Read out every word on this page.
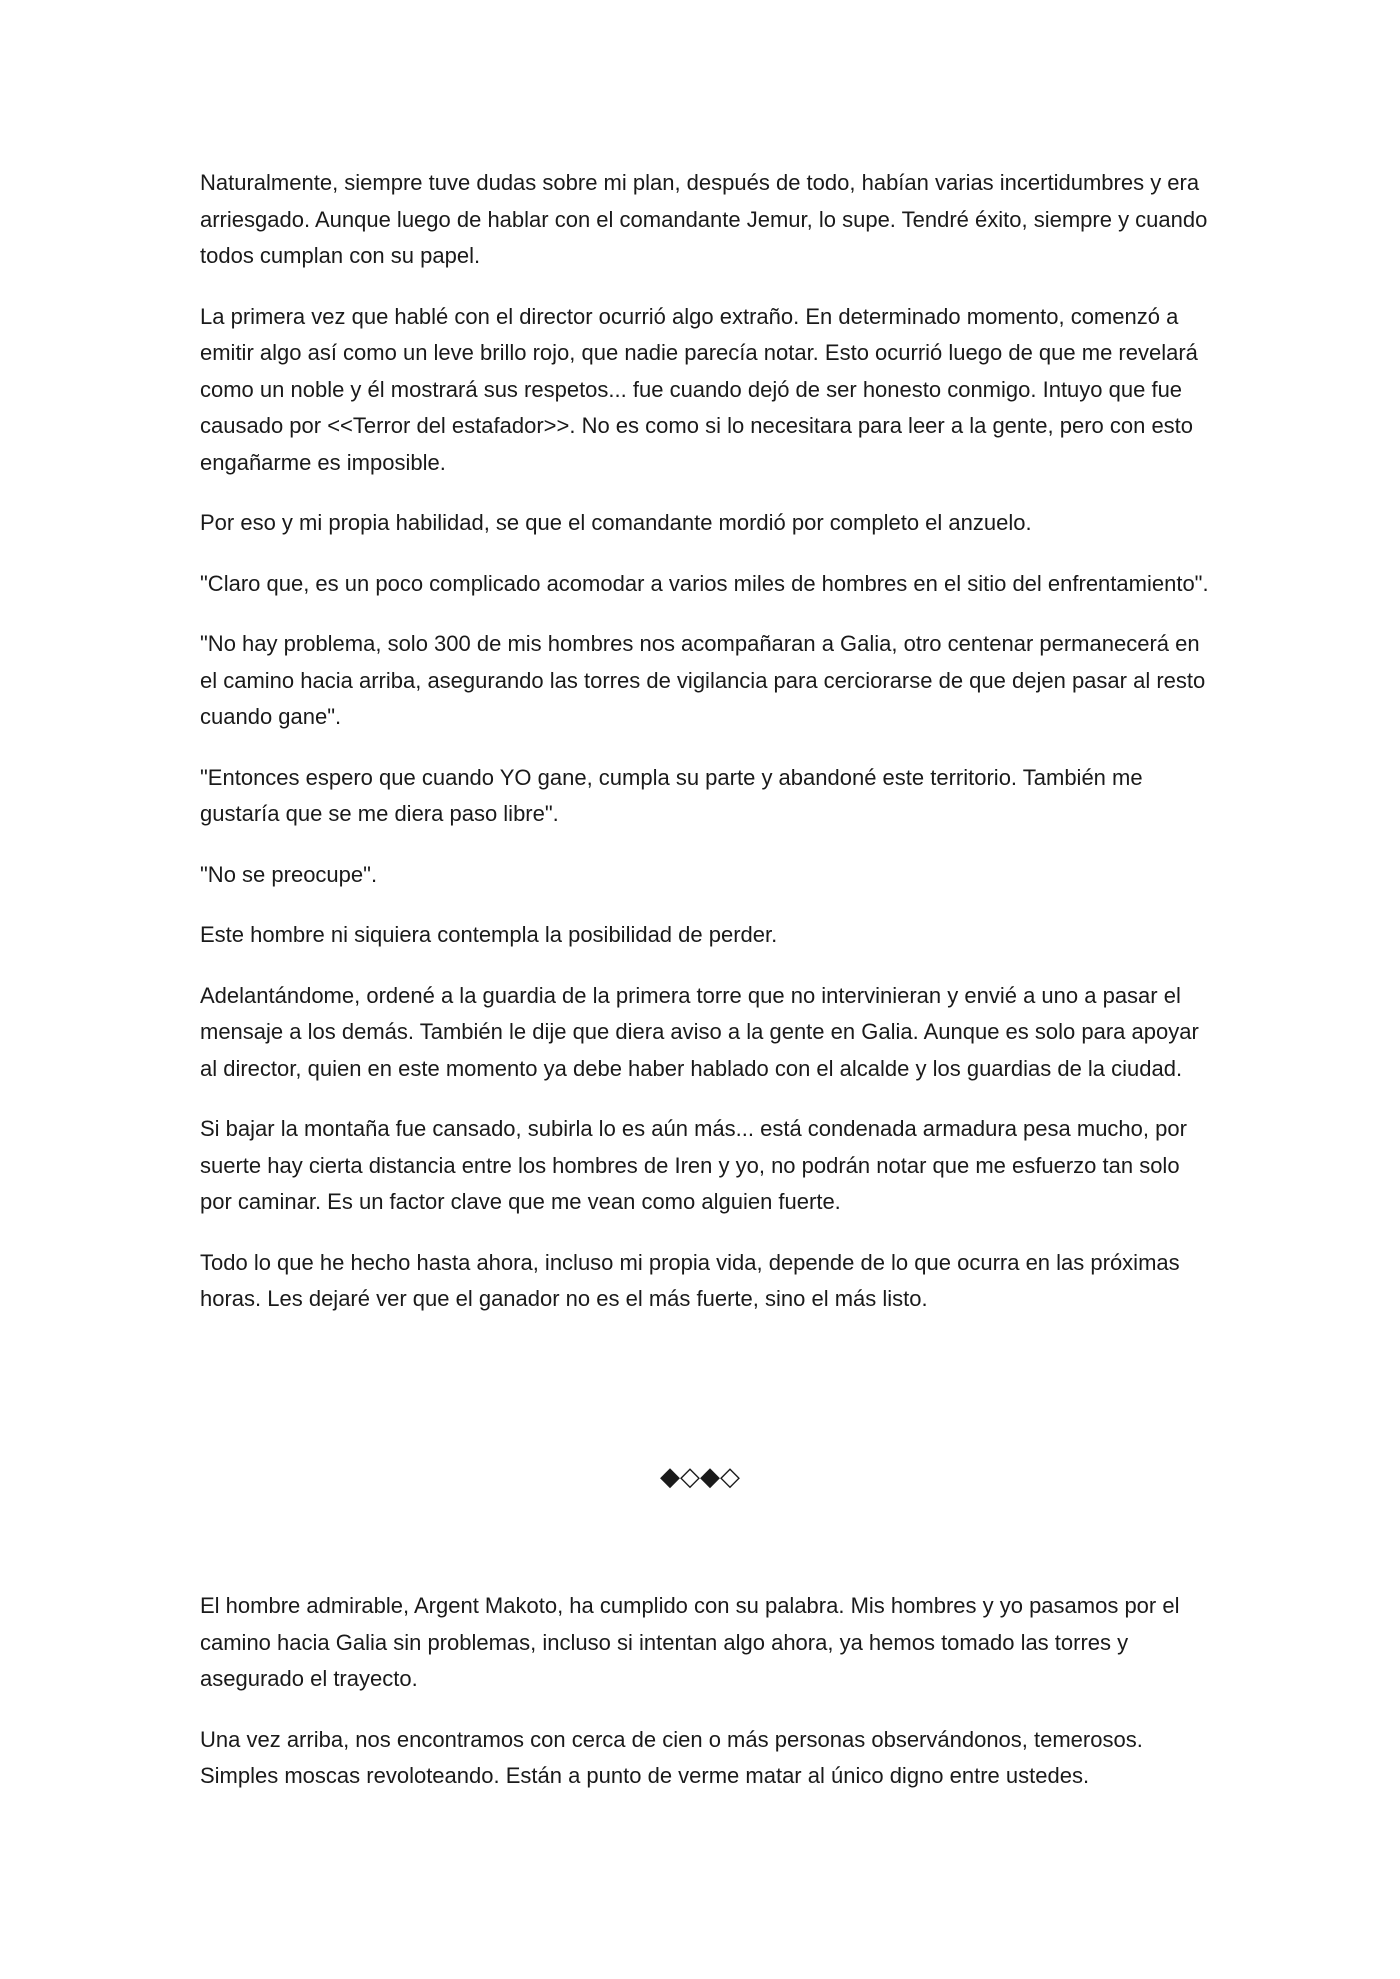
Naturalmente, siempre tuve dudas sobre mi plan, después de todo, habían varias incertidumbres y era arriesgado. Aunque luego de hablar con el comandante Jemur, lo supe. Tendré éxito, siempre y cuando todos cumplan con su papel.

La primera vez que hablé con el director ocurrió algo extraño. En determinado momento, comenzó a emitir algo así como un leve brillo rojo, que nadie parecía notar. Esto ocurrió luego de que me revelará como un noble y él mostrará sus respetos... fue cuando dejó de ser honesto conmigo. Intuyo que fue causado por <<Terror del estafador>>. No es como si lo necesitara para leer a la gente, pero con esto engañarme es imposible.

Por eso y mi propia habilidad, se que el comandante mordió por completo el anzuelo.

"Claro que, es un poco complicado acomodar a varios miles de hombres en el sitio del enfrentamiento".

"No hay problema, solo 300 de mis hombres nos acompañaran a Galia, otro centenar permanecerá en el camino hacia arriba, asegurando las torres de vigilancia para cerciorarse de que dejen pasar al resto cuando gane".

"Entonces espero que cuando YO gane, cumpla su parte y abandoné este territorio. También me gustaría que se me diera paso libre".

"No se preocupe".

Este hombre ni siquiera contempla la posibilidad de perder.

Adelantándome, ordené a la guardia de la primera torre que no intervinieran y envié a uno a pasar el mensaje a los demás. También le dije que diera aviso a la gente en Galia. Aunque es solo para apoyar al director, quien en este momento ya debe haber hablado con el alcalde y los guardias de la ciudad.

Si bajar la montaña fue cansado, subirla lo es aún más... está condenada armadura pesa mucho, por suerte hay cierta distancia entre los hombres de Iren y yo, no podrán notar que me esfuerzo tan solo por caminar. Es un factor clave que me vean como alguien fuerte.

Todo lo que he hecho hasta ahora, incluso mi propia vida, depende de lo que ocurra en las próximas horas. Les dejaré ver que el ganador no es el más fuerte, sino el más listo.

◆◇◆◇

El hombre admirable, Argent Makoto, ha cumplido con su palabra. Mis hombres y yo pasamos por el camino hacia Galia sin problemas, incluso si intentan algo ahora, ya hemos tomado las torres y asegurado el trayecto.

Una vez arriba, nos encontramos con cerca de cien o más personas observándonos, temerosos. Simples moscas revoloteando. Están a punto de verme matar al único digno entre ustedes.
